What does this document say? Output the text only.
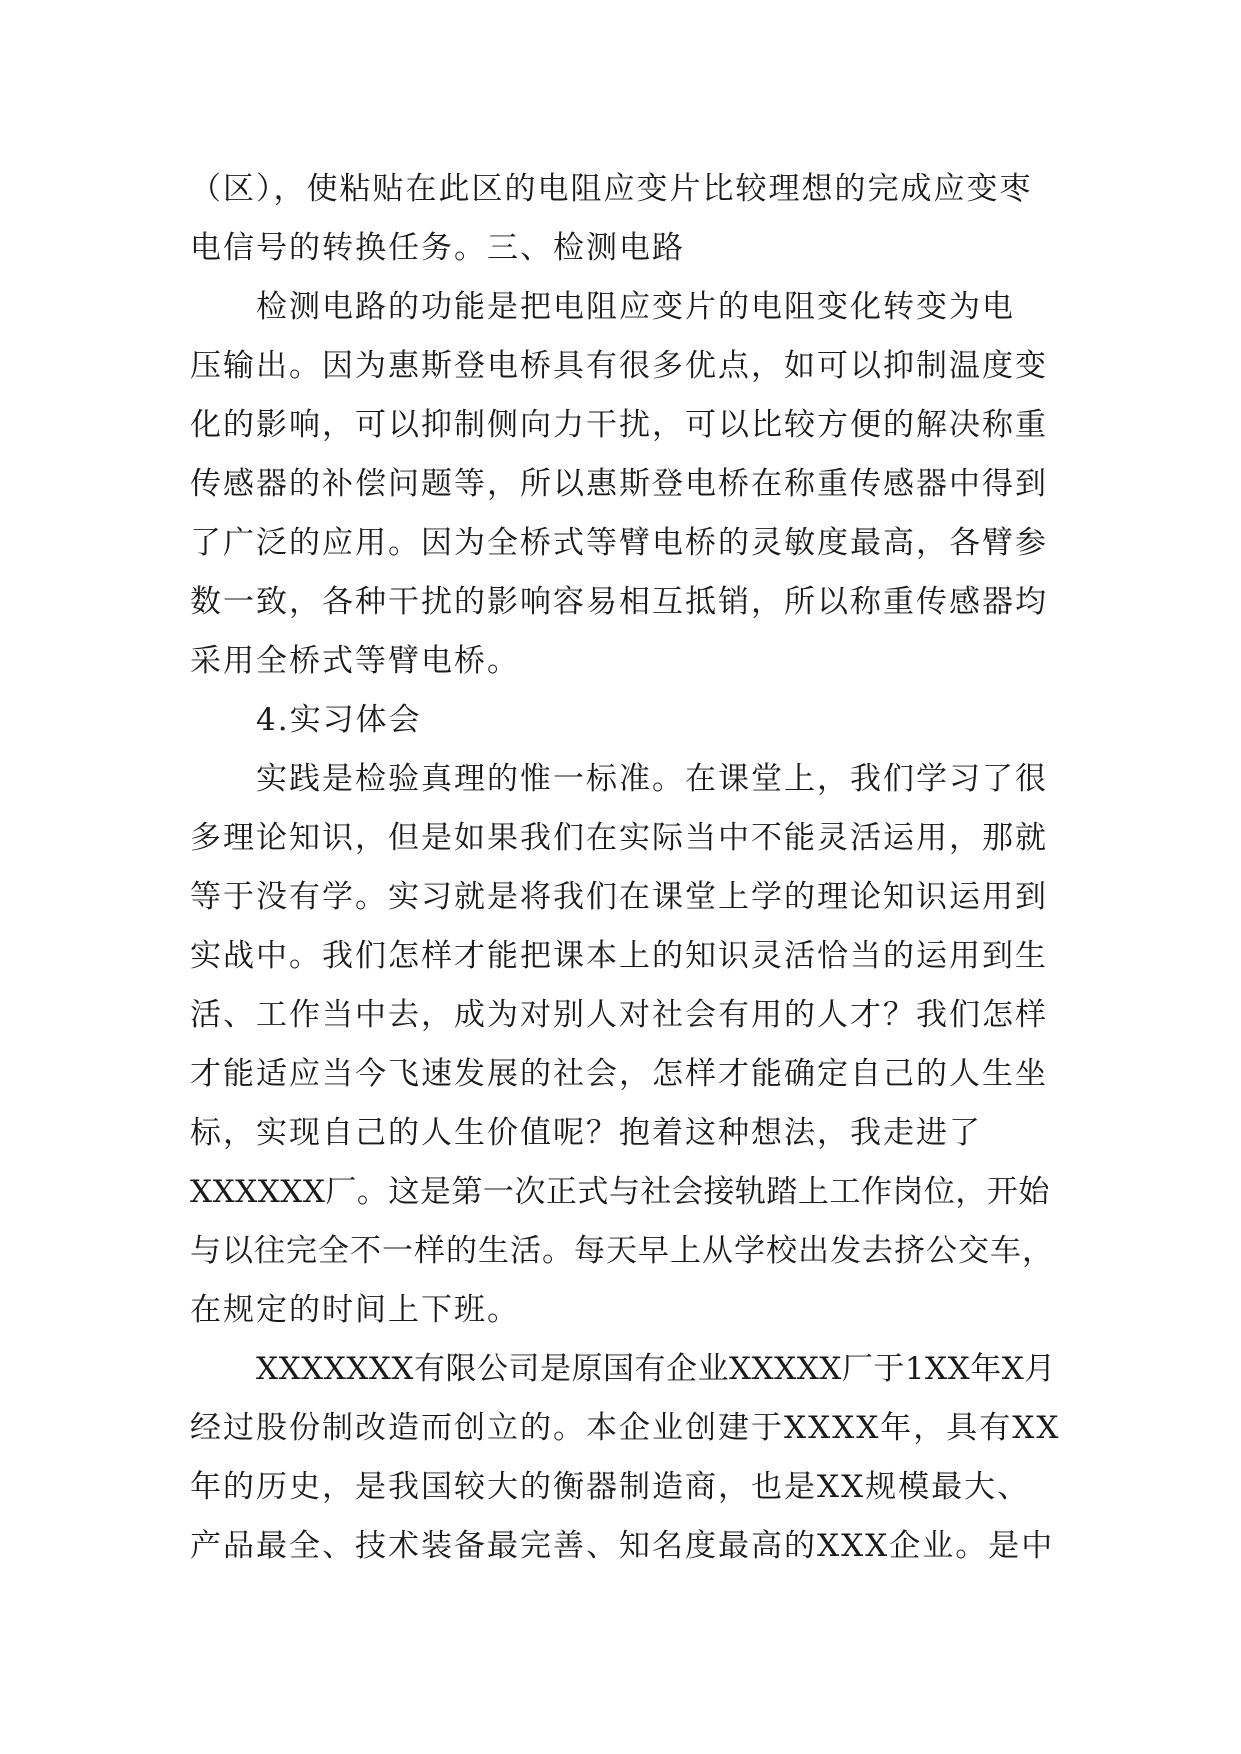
（区），使粘贴在此区的电阻应变片比较理想的完成应变枣
电信号的转换任务。三、检测电路
检测电路的功能是把电阻应变片的电阻变化转变为电
压输出。因为惠斯登电桥具有很多优点，如可以抑制温度变
化的影响，可以抑制侧向力干扰，可以比较方便的解决称重
传感器的补偿问题等，所以惠斯登电桥在称重传感器中得到
了广泛的应用。因为全桥式等臂电桥的灵敏度最高，各臂参
数一致，各种干扰的影响容易相互抵销，所以称重传感器均
采用全桥式等臂电桥。
4.实习体会
实践是检验真理的惟一标准。在课堂上，我们学习了很
多理论知识，但是如果我们在实际当中不能灵活运用，那就
等于没有学。实习就是将我们在课堂上学的理论知识运用到
实战中。我们怎样才能把课本上的知识灵活恰当的运用到生
活、工作当中去，成为对别人对社会有用的人才？我们怎样
才能适应当今飞速发展的社会，怎样才能确定自己的人生坐
标，实现自己的人生价值呢？抱着这种想法，我走进了
XXXXXX厂。这是第一次正式与社会接轨踏上工作岗位，开始
与以往完全不一样的生活。每天早上从学校出发去挤公交车，
在规定的时间上下班。
XXXXXXX有限公司是原国有企业XXXXX厂于1XX年X月
经过股份制改造而创立的。本企业创建于XXXX年，具有XX
年的历史，是我国较大的衡器制造商，也是XX规模最大、
产品最全、技术装备最完善、知名度最高的XXX企业。是中
